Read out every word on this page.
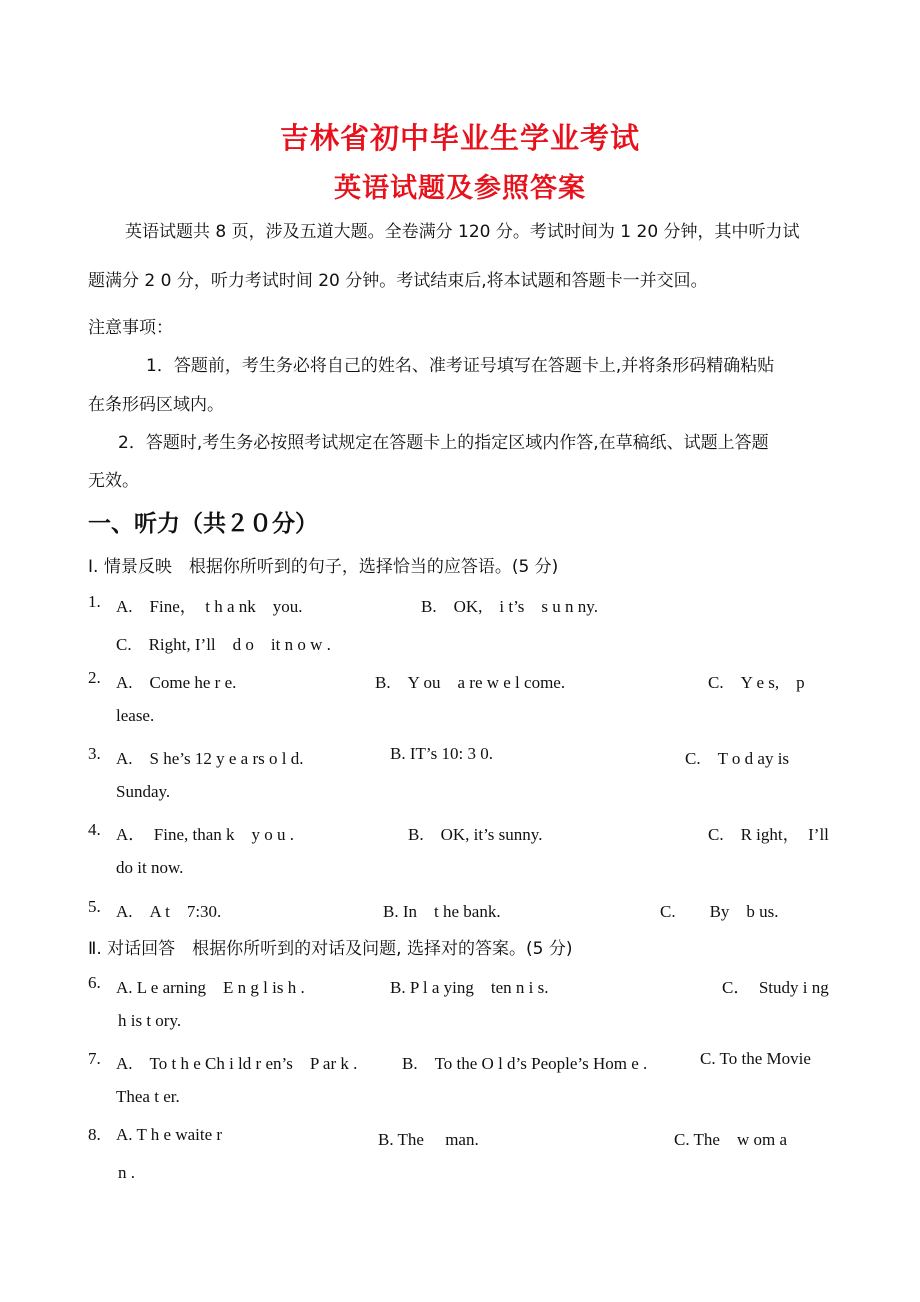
吉林省初中毕业生学业考试
英语试题及参照答案
英语试题共 8 页，涉及五道大题。全卷满分 120 分。考试时间为 1 20 分钟，其中听力试
题满分 2 0 分，听力考试时间 20 分钟。考试结束后,将本试题和答题卡一并交回。
注意事项：
1．答题前，考生务必将自己的姓名、准考证号填写在答题卡上,并将条形码精确粘贴
在条形码区域内。
2．答题时,考生务必按照考试规定在答题卡上的指定区域内作答,在草稿纸、试题上答题
无效。
一、听力（共２０分）
Ⅰ. 情景反映　根据你所听到的句子，选择恰当的应答语。(5 分)
1. A.　Fine，　t h a nk　you.	B.　OK,　i t’s　s u n ny.
C.　Right, I’ll　d o　it n o w .
2. A.　Come he r e.	B.　Y ou　a re w e l come.	C.　Y e s,　p
lease.
3. A.　S he’s 12 y e a rs o l d.	B. IT’s 10: 3 0.	C.　T o d ay is
Sunday.
4. A．　Fine, than k　y o u .	B.　OK, it’s sunny.	C.　R ight，　I’ll
do it now.
5. A.　A t　7:30.	B. In　t he bank.	C.　　By　b us.
Ⅱ. 对话回答　根据你所听到的对话及问题, 选择对的答案。(5 分)
6. A. L e arning　E n g l is h .	B. P l a ying　ten n i s.	C．　Study i ng
h is t ory.
7. A.　To t h e Ch i ld r en’s　P ar k .	B.　To the O l d’s People’s Hom e .	C. To the Movie
Thea t er.
8. A. T h e waite r	B. The　 man.	C. The　w om a
n .
